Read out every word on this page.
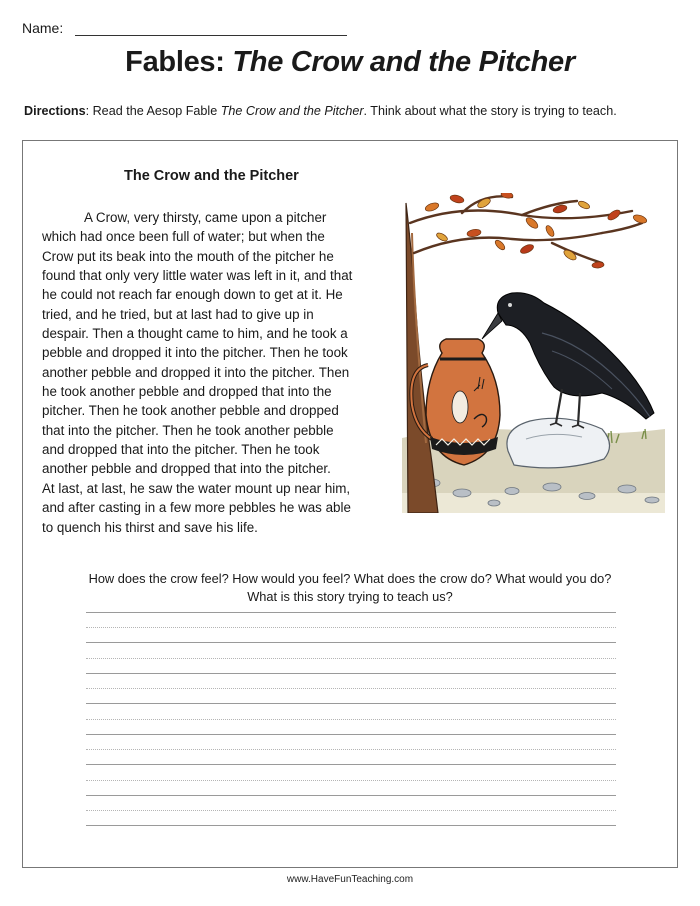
Name:
Fables: The Crow and the Pitcher

Directions: Read the Aesop Fable The Crow and the Pitcher. Think about what the story is trying to teach.

The Crow and the Pitcher
A Crow, very thirsty, came upon a pitcher
which had once been full of water; but when the
Crow put its beak into the mouth of the pitcher he
found that only very little water was left in it, and that
he could not reach far enough down to get at it. He
tried, and he tried, but at last had to give up in
despair. Then a thought came to him, and he took a
pebble and dropped it into the pitcher. Then he took
another pebble and dropped it into the pitcher. Then
he took another pebble and dropped that into the
pitcher. Then he took another pebble and dropped
that into the pitcher. Then he took another pebble
and dropped that into the pitcher. Then he took
another pebble and dropped that into the pitcher.
At last, at last, he saw the water mount up near him,
and after casting in a few more pebbles he was able
to quench his thirst and save his life.

How does the crow feel? How would you feel? What does the crow do? What would you do? What is this story trying to teach us?

www.HaveFunTeaching.com
